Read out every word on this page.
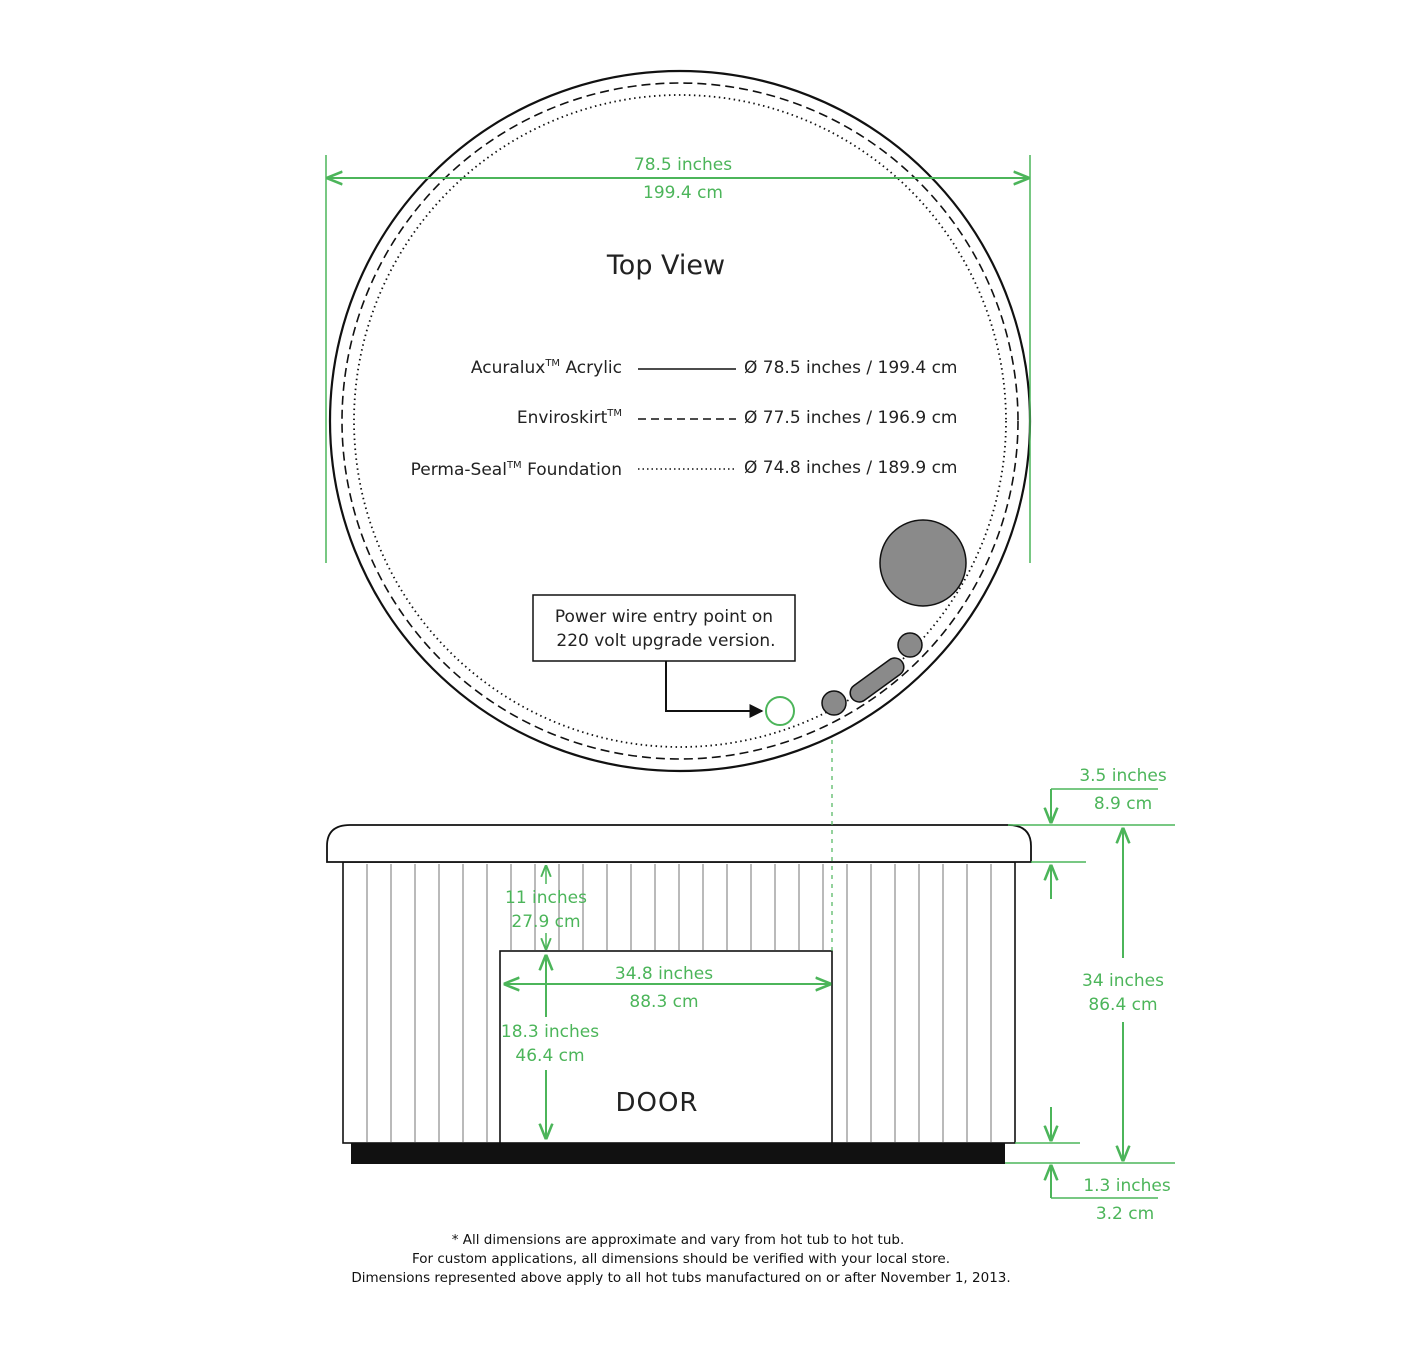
78.5 inches
199.4 cm
Top View
Acuralux™ Acrylic	Ø 78.5 inches / 199.4 cm
Enviroskirt™	Ø 77.5 inches / 196.9 cm
Perma-Seal™ Foundation	Ø 74.8 inches / 189.9 cm
Power wire entry point on
220 volt upgrade version.
DOOR
11 inches
27.9 cm
34.8 inches
88.3 cm
18.3 inches
46.4 cm
3.5 inches
8.9 cm
34 inches
86.4 cm
1.3 inches
3.2 cm
* All dimensions are approximate and vary from hot tub to hot tub.
For custom applications, all dimensions should be verified with your local store.
Dimensions represented above apply to all hot tubs manufactured on or after November 1, 2013.
